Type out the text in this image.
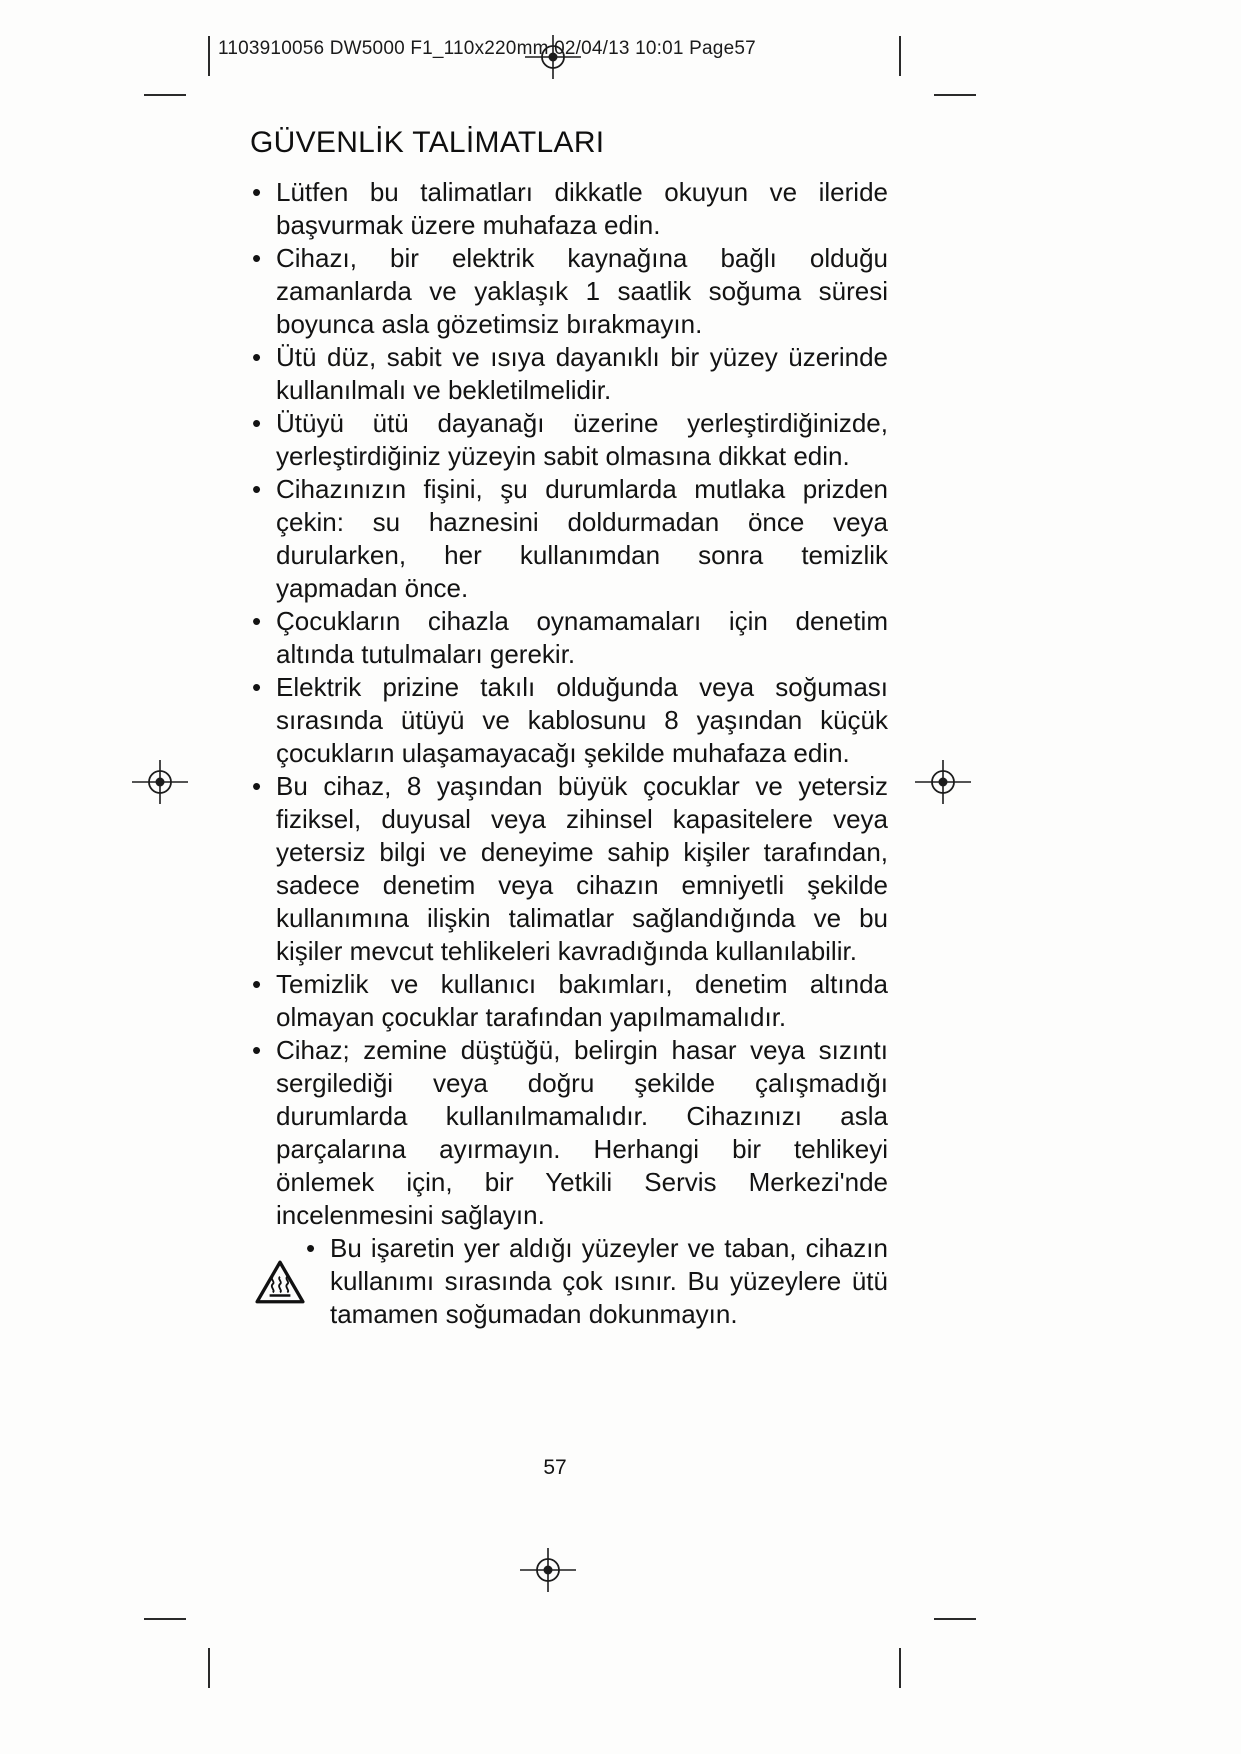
1103910056 DW5000 F1_110x220mm 02/04/13 10:01 Page57
GÜVENLİK TALİMATLARI
• Lütfen bu talimatları dikkatle okuyun ve ileride başvurmak üzere muhafaza edin.
• Cihazı, bir elektrik kaynağına bağlı olduğu zamanlarda ve yaklaşık 1 saatlik soğuma süresi boyunca asla gözetimsiz bırakmayın.
• Ütü düz, sabit ve ısıya dayanıklı bir yüzey üzerinde kullanılmalı ve bekletilmelidir.
• Ütüyü ütü dayanağı üzerine yerleştirdiğinizde, yerleştirdiğiniz yüzeyin sabit olmasına dikkat edin.
• Cihazınızın fişini, şu durumlarda mutlaka prizden çekin: su haznesini doldurmadan önce veya durularken, her kullanımdan sonra temizlik yapmadan önce.
• Çocukların cihazla oynamamaları için denetim altında tutulmaları gerekir.
• Elektrik prizine takılı olduğunda veya soğuması sırasında ütüyü ve kablosunu 8 yaşından küçük çocukların ulaşamayacağı şekilde muhafaza edin.
• Bu cihaz, 8 yaşından büyük çocuklar ve yetersiz fiziksel, duyusal veya zihinsel kapasitelere veya yetersiz bilgi ve deneyime sahip kişiler tarafından, sadece denetim veya cihazın emniyetli şekilde kullanımına ilişkin talimatlar sağlandığında ve bu kişiler mevcut tehlikeleri kavradığında kullanılabilir.
• Temizlik ve kullanıcı bakımları, denetim altında olmayan çocuklar tarafından yapılmamalıdır.
• Cihaz; zemine düştüğü, belirgin hasar veya sızıntı sergilediği veya doğru şekilde çalışmadığı durumlarda kullanılmamalıdır. Cihazınızı asla parçalarına ayırmayın. Herhangi bir tehlikeyi önlemek için, bir Yetkili Servis Merkezi'nde incelenmesini sağlayın.
• Bu işaretin yer aldığı yüzeyler ve taban, cihazın kullanımı sırasında çok ısınır. Bu yüzeylere ütü tamamen soğumadan dokunmayın.
57
